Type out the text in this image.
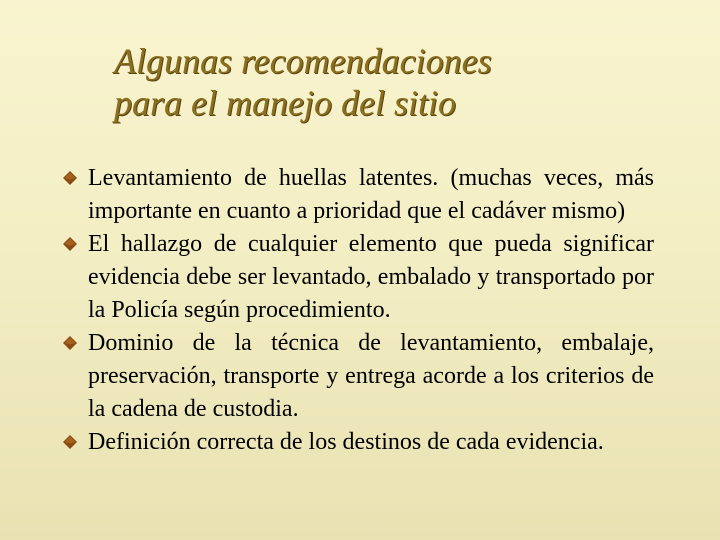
Algunas recomendaciones
para el manejo del sitio
Levantamiento de huellas latentes. (muchas veces, más importante en cuanto a prioridad que el cadáver mismo)
El hallazgo de cualquier elemento que pueda significar evidencia debe ser levantado, embalado y transportado por la Policía según procedimiento.
Dominio de la técnica de levantamiento, embalaje, preservación, transporte y entrega acorde a los criterios de la cadena de custodia.
Definición correcta de los destinos de cada evidencia.
